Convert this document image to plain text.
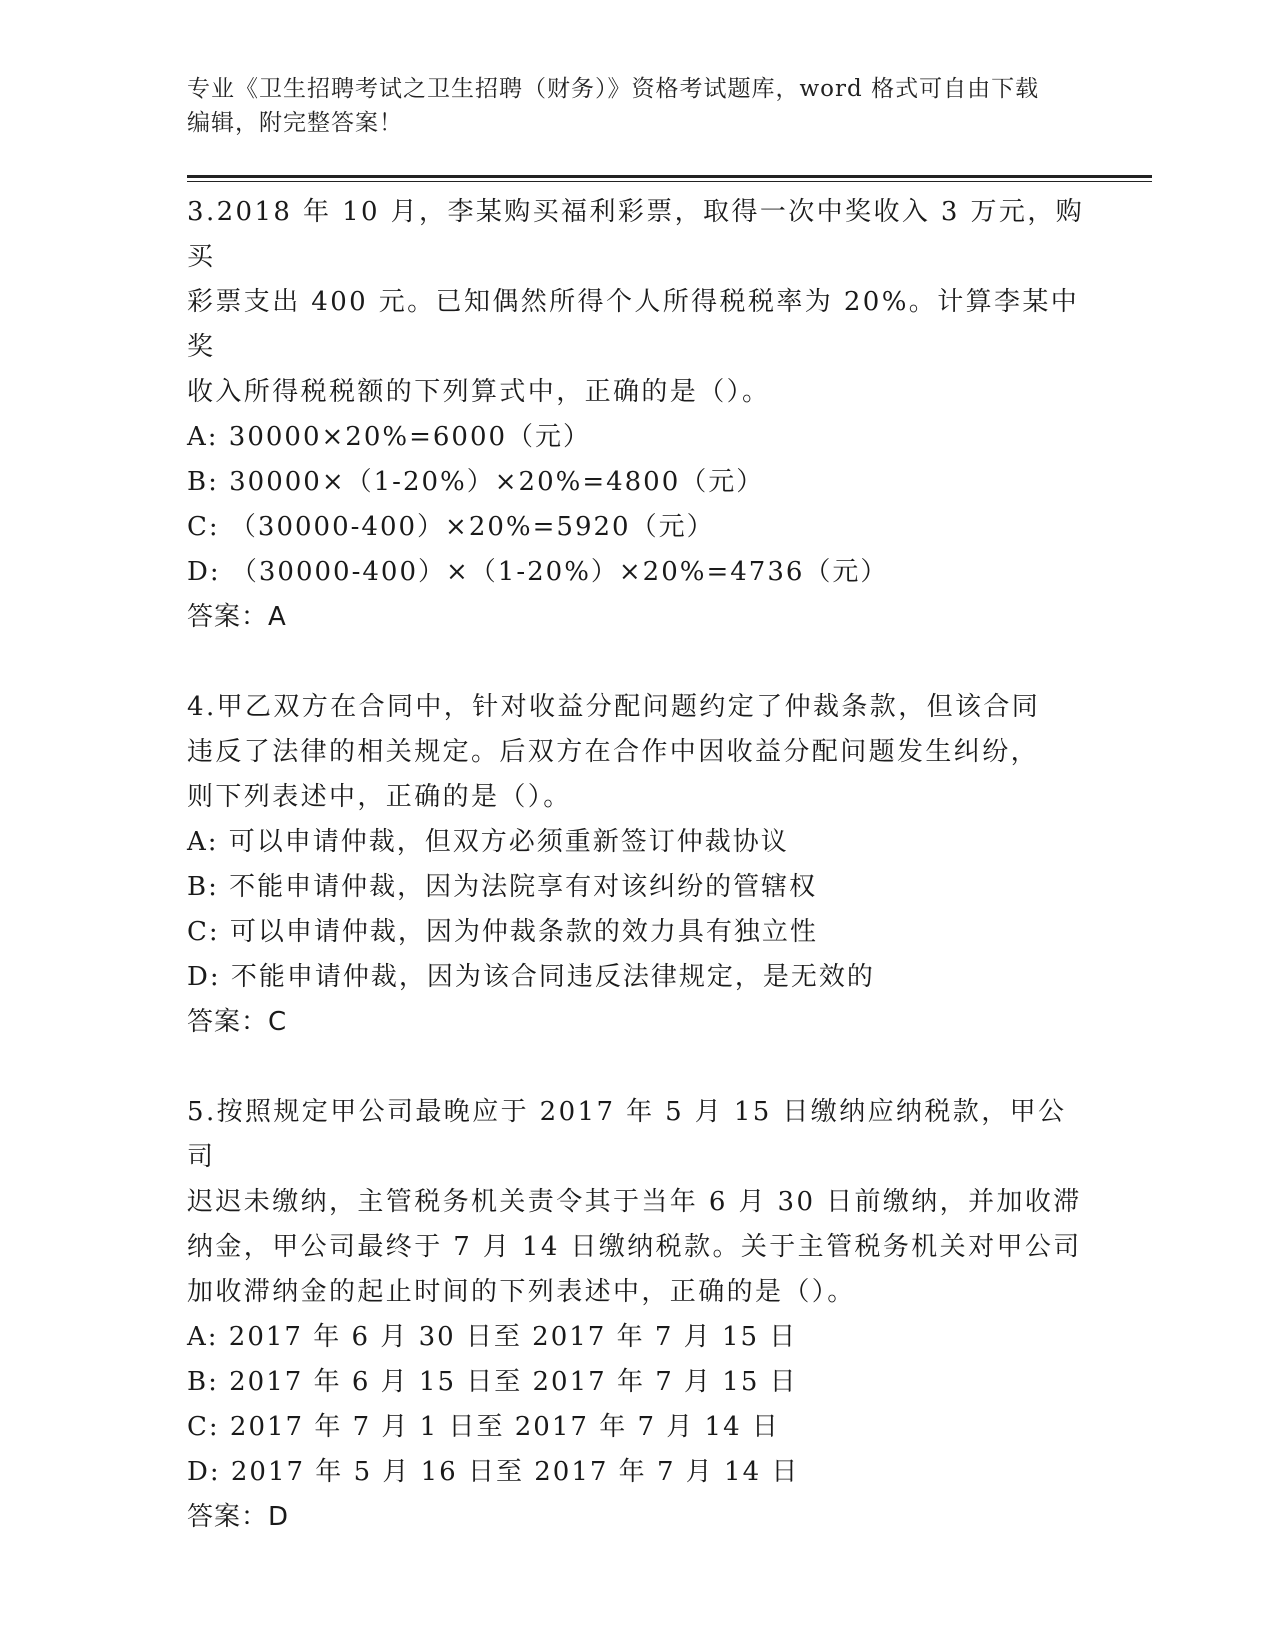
专业《卫生招聘考试之卫生招聘（财务）》资格考试题库，word 格式可自由下载
编辑，附完整答案！
3.2018 年 10 月，李某购买福利彩票，取得一次中奖收入 3 万元，购买
彩票支出 400 元。已知偶然所得个人所得税税率为 20%。计算李某中奖
收入所得税税额的下列算式中，正确的是（）。
A: 30000×20%=6000（元）
B: 30000×（1-20%）×20%=4800（元）
C: （30000-400）×20%=5920（元）
D: （30000-400）×（1-20%）×20%=4736（元）
答案：A
4.甲乙双方在合同中，针对收益分配问题约定了仲裁条款，但该合同
违反了法律的相关规定。后双方在合作中因收益分配问题发生纠纷，
则下列表述中，正确的是（）。
A: 可以申请仲裁，但双方必须重新签订仲裁协议
B: 不能申请仲裁，因为法院享有对该纠纷的管辖权
C: 可以申请仲裁，因为仲裁条款的效力具有独立性
D: 不能申请仲裁，因为该合同违反法律规定，是无效的
答案：C
5.按照规定甲公司最晚应于 2017 年 5 月 15 日缴纳应纳税款，甲公司
迟迟未缴纳，主管税务机关责令其于当年 6 月 30 日前缴纳，并加收滞
纳金，甲公司最终于 7 月 14 日缴纳税款。关于主管税务机关对甲公司
加收滞纳金的起止时间的下列表述中，正确的是（）。
A: 2017 年 6 月 30 日至 2017 年 7 月 15 日
B: 2017 年 6 月 15 日至 2017 年 7 月 15 日
C: 2017 年 7 月 1 日至 2017 年 7 月 14 日
D: 2017 年 5 月 16 日至 2017 年 7 月 14 日
答案：D
